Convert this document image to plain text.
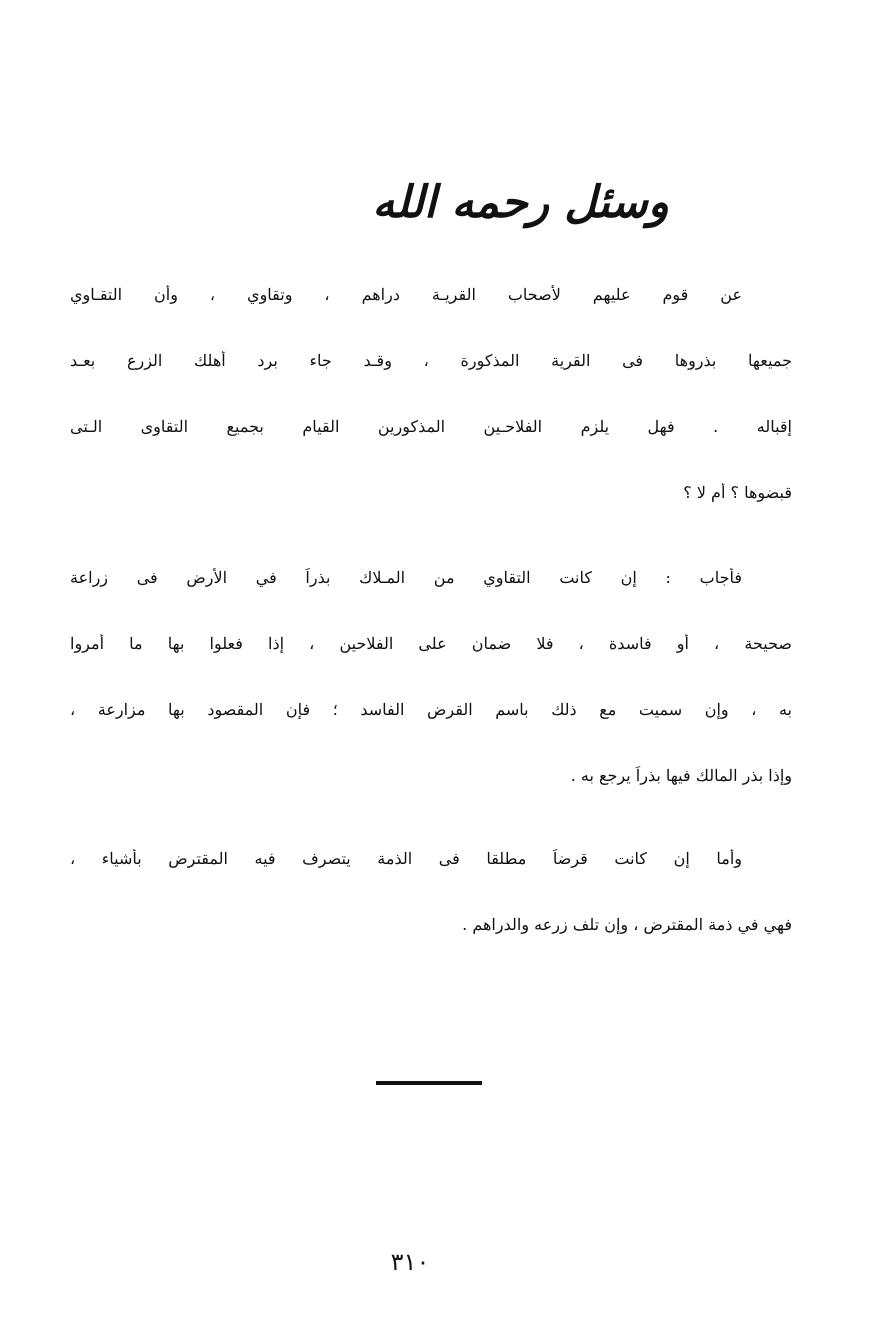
وسئل رحمه الله
عن قوم عليهم لأصحاب القريـة دراهم ، وتقاوي ، وأن التقـاوي
جميعها بذروها فى القرية المذكورة ، وقـد جاء برد أهلك الزرع بعـد
إقباله . فهل يلزم الفلاحـين المذكورين القيام بجميع التقاوى الـتى
قبضوها ؟ أم لا ؟
فأجاب : إن كانت التقاوي من المـلاك بذراً في الأرض فى زراعة
صحيحة ، أو فاسدة ، فلا ضمان على الفلاحين ، إذا فعلوا بها ما أمروا
به ، وإن سميت مع ذلك باسم القرض الفاسد ؛ فإن المقصود بها مزارعة ،
وإذا بذر المالك فيها بذراً يرجع به .
وأما إن كانت قرضاً مطلقا فى الذمة يتصرف فيه المقترض بأشياء ،
فهي في ذمة المقترض ، وإن تلف زرعه والدراهم .
٣١٠
